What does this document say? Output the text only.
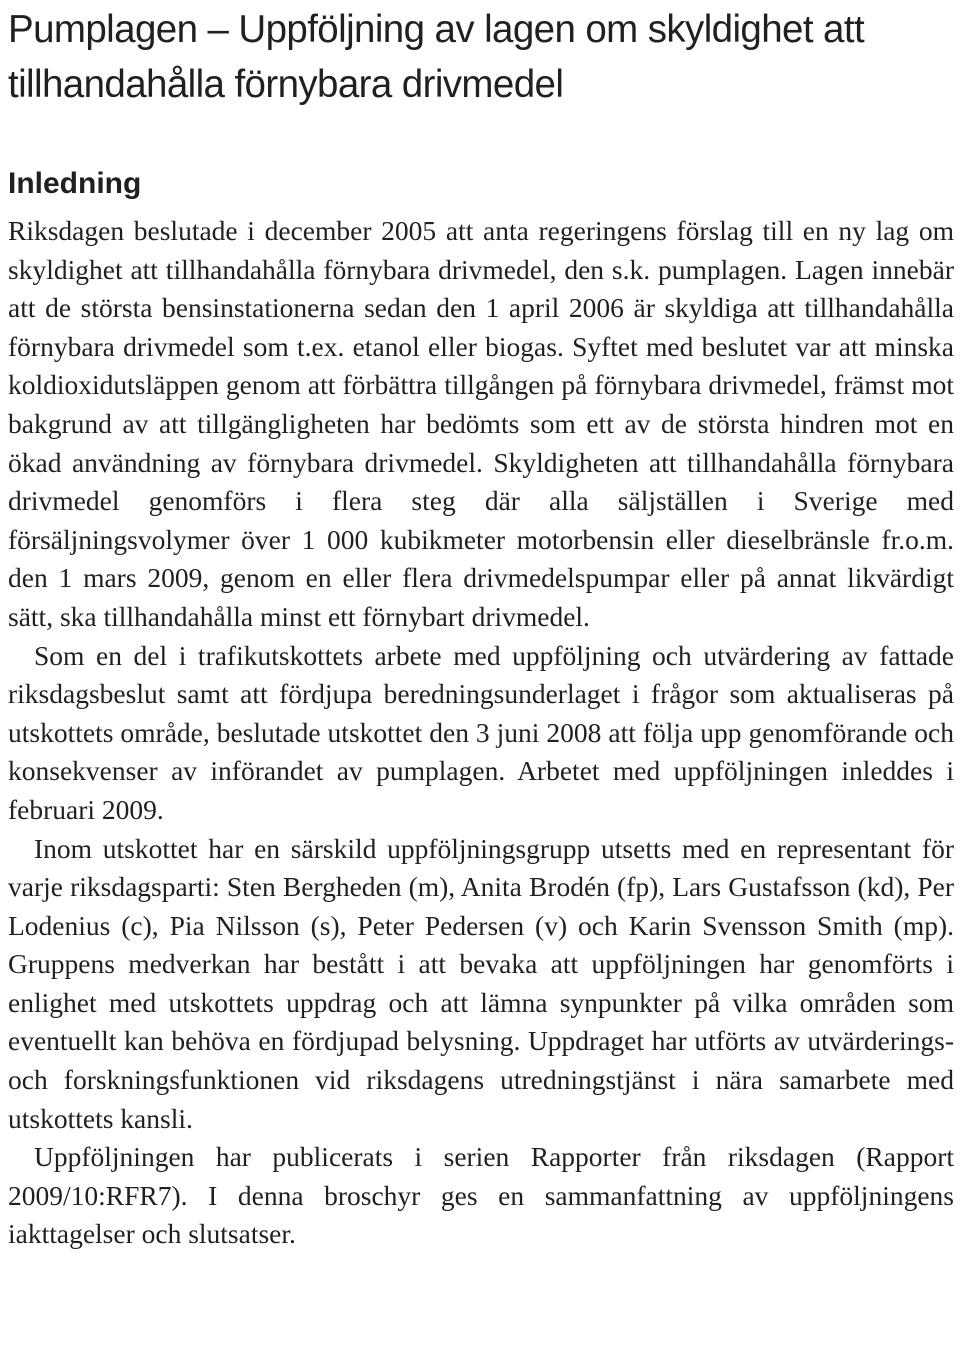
Pumplagen – Uppföljning av lagen om skyldighet att tillhandahålla förnybara drivmedel
Inledning

Riksdagen beslutade i december 2005 att anta regeringens förslag till en ny lag om skyldighet att tillhandahålla förnybara drivmedel, den s.k. pumplagen. Lagen innebär att de största bensinstationerna sedan den 1 april 2006 är skyldiga att tillhandahålla förnybara drivmedel som t.ex. etanol eller biogas. Syftet med beslutet var att minska koldioxidutsläppen genom att förbättra tillgången på förnybara drivmedel, främst mot bakgrund av att tillgängligheten har bedömts som ett av de största hindren mot en ökad användning av förnybara drivmedel. Skyldigheten att tillhandahålla förnybara drivmedel genomförs i flera steg där alla säljställen i Sverige med försäljningsvolymer över 1 000 kubikmeter motorbensin eller dieselbränsle fr.o.m. den 1 mars 2009, genom en eller flera drivmedelspumpar eller på annat likvärdigt sätt, ska tillhandahålla minst ett förnybart drivmedel.

Som en del i trafikutskottets arbete med uppföljning och utvärdering av fattade riksdagsbeslut samt att fördjupa beredningsunderlaget i frågor som aktualiseras på utskottets område, beslutade utskottet den 3 juni 2008 att följa upp genomförande och konsekvenser av införandet av pumplagen. Arbetet med uppföljningen inleddes i februari 2009.

Inom utskottet har en särskild uppföljningsgrupp utsetts med en representant för varje riksdagsparti: Sten Bergheden (m), Anita Brodén (fp), Lars Gustafsson (kd), Per Lodenius (c), Pia Nilsson (s), Peter Pedersen (v) och Karin Svensson Smith (mp). Gruppens medverkan har bestått i att bevaka att uppföljningen har genomförts i enlighet med utskottets uppdrag och att lämna synpunkter på vilka områden som eventuellt kan behöva en fördjupad belysning. Uppdraget har utförts av utvärderings- och forskningsfunktionen vid riksdagens utredningstjänst i nära samarbete med utskottets kansli.

Uppföljningen har publicerats i serien Rapporter från riksdagen (Rapport 2009/10:RFR7). I denna broschyr ges en sammanfattning av uppföljningens iakttagelser och slutsatser.
